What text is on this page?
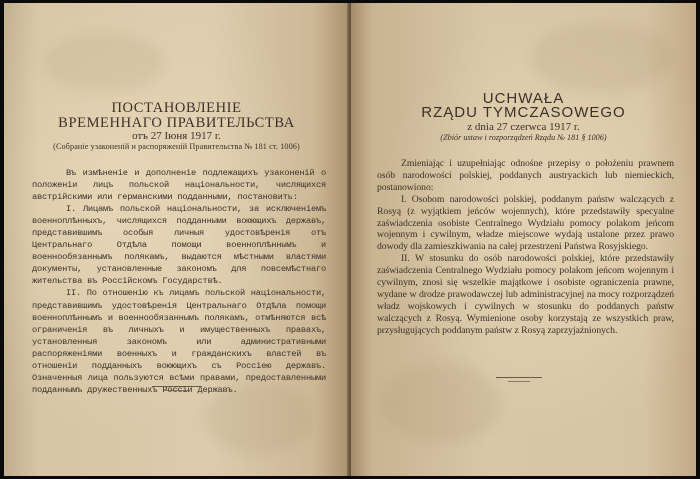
ПОСТАНОВЛЕНІЕ
ВРЕМЕННАГО ПРАВИТЕЛЬСТВА
отъ 27 Іюня 1917 г.
(Собраніе узаконеній и распоряженій Правительства № 181 ст. 1006)

Въ измѣненіе и дополненіе подлежащихъ узаконеній о положеніи лицъ польской національности, числящихся австрійскими или германскими подданными, постановить:

I. Лицамъ польской національности, за исключеніемъ военноплѣнныхъ, числящихся подданными воюющихъ державъ, представившимъ особыя личныя удостовѣренія отъ Центральнаго Отдѣла помощи военноплѣннымъ и военнообязаннымъ полякамъ, выдаются мѣстными властями документы, установленные закономъ для повсемѣстнаго жительства въ Россійскомъ Государствѣ.

II. По отношенію къ лицамъ польской національности, представившимъ удостовѣренія Центральнаго Отдѣла помощи военноплѣннымъ и военнообязаннымъ полякамъ, отмѣняются всѣ ограниченія въ личныхъ и имущественныхъ правахъ, установленныя закономъ или административными распоряженіями военныхъ и гражданскихъ властей въ отношеніи подданныхъ воюющихъ съ Россіею державъ. Означенныя лица пользуются всѣми правами, предоставленными подданнымъ дружественныхъ Россіи державъ.

UCHWAŁA
RZĄDU TYMCZASOWEGO
z dnia 27 czerwca 1917 r.
(Zbiór ustaw i rozporządzeń Rządu № 181 § 1006)

Zmieniając i uzupełniając odnośne przepisy o położeniu prawnem osób narodowości polskiej, poddanych austryackich lub niemieckich, postanowiono:

I. Osobom narodowości polskiej, poddanym państw walczących z Rosyą (z wyjątkiem jeńców wojennych), które przedstawiły specyalne zaświadczenia osobiste Centralnego Wydziału pomocy polakom jeńcom wojennym i cywilnym, władze miejscowe wydają ustalone przez prawo dowody dla zamieszkiwania na całej przestrzeni Państwa Rosyjskiego.

II. W stosunku do osób narodowości polskiej, które przedstawiły zaświadczenia Centralnego Wydziału pomocy polakom jeńcom wojennym i cywilnym, znosi się wszelkie majątkowe i osobiste ograniczenia prawne, wydane w drodze prawodawczej lub administracyjnej na mocy rozporządzeń władz wojskowych i cywilnych w stosunku do poddanych państw walczących z Rosyą. Wymienione osoby korzystają ze wszystkich praw, przysługujących poddanym państw z Rosyą zaprzyjaźnionych.
